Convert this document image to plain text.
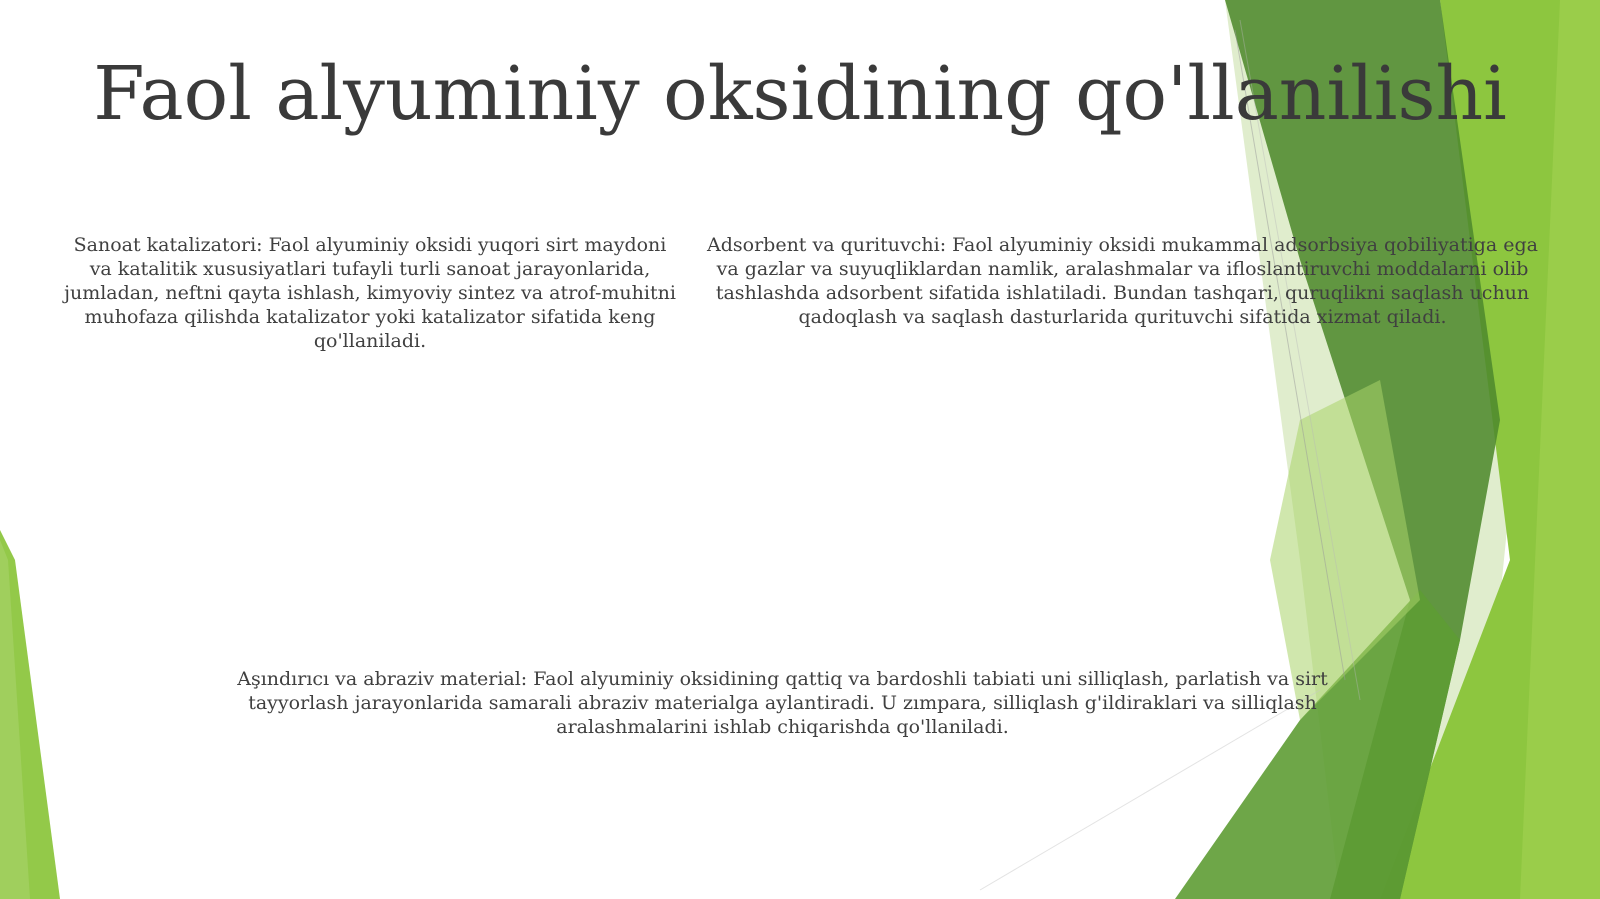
Faol alyuminiy oksidining qo'llanilishi
Sanoat katalizatori: Faol alyuminiy oksidi yuqori sirt maydoni va katalitik xususiyatlari tufayli turli sanoat jarayonlarida, jumladan, neftni qayta ishlash, kimyoviy sintez va atrof-muhitni muhofaza qilishda katalizator yoki katalizator sifatida keng qo'llaniladi.
Adsorbent va qurituvchi: Faol alyuminiy oksidi mukammal adsorbsiya qobiliyatiga ega va gazlar va suyuqliklardan namlik, aralashmalar va ifloslantiruvchi moddalarni olib tashlashda adsorbent sifatida ishlatiladi. Bundan tashqari, quruqlikni saqlash uchun qadoqlash va saqlash dasturlarida qurituvchi sifatida xizmat qiladi.
Aşındırıcı va abraziv material: Faol alyuminiy oksidining qattiq va bardoshli tabiati uni silliqlash, parlatish va sirt tayyorlash jarayonlarida samarali abraziv materialga aylantiradi. U zımpara, silliqlash g'ildiraklari va silliqlash aralashmalarini ishlab chiqarishda qo'llaniladi.
